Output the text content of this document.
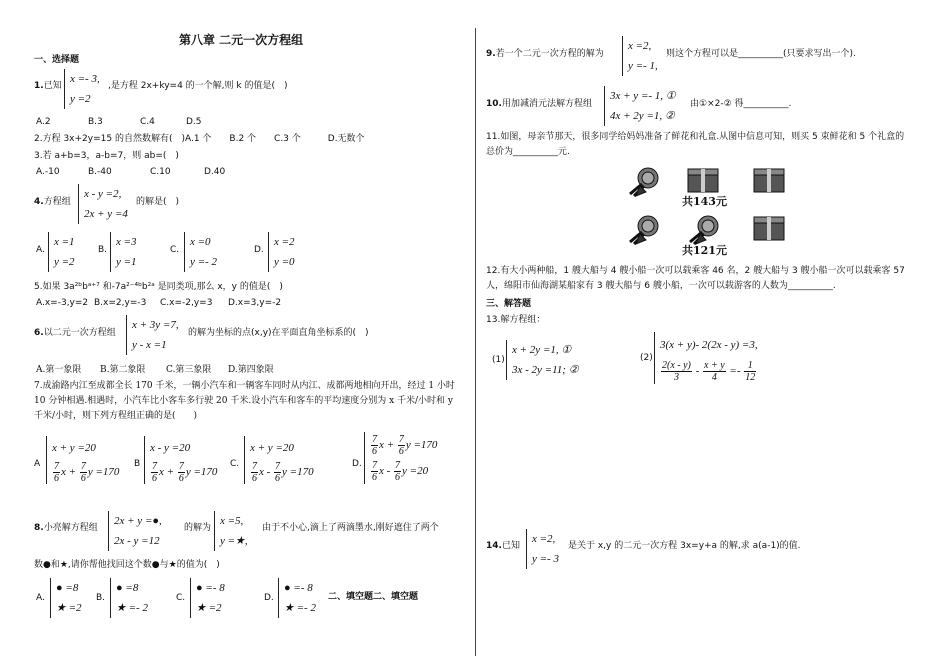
第八章 二元一次方程组
一、选择题
1.已知
x =- 3,
y =2
,是方程 2x+ky=4 的一个解,则 k 的值是(　)
A.2	B.3	C.4	D.5
2.方程 3x+2y=15 的自然数解有(　)A.1 个　　B.2 个　　C.3 个　　　D.无数个
3.若 a+b=3，a-b=7，则 ab=(　)
A.-10	B.-40	C.10	D.40
4.方程组
x - y =2,
2x + y =4
的解是(　)
A.
x =1
y =2
B.
x =3
y =1
C.
x =0
y =- 2
D.
x =2
y =0
5.如果 3a²ᵇbᵃ⁺⁷ 和-7a²⁻⁴ᵇb²ᵃ 是同类项,那么 x，y 的值是(　)
A.x=-3,y=2 B.x=2,y=-3 C.x=-2,y=3 D.x=3,y=-2
6.以二元一次方程组
x + 3y =7,
y - x =1
的解为坐标的点(x,y)在平面直角坐标系的(　)
A.第一象限 B.第二象限 C.第三象限 D.第四象限
7.成渝路内江至成都全长 170 千米，一辆小汽车和一辆客车同时从内江、成都两地相向开出，经过 1 小时 10 分钟相遇.相遇时，小汽车比小客车多行驶 20 千米.设小汽车和客车的平均速度分别为 x 千米/小时和 y 千米/小时，则下列方程组正确的是(　　)
A
x + y =20
$\frac{7}{6}$ $x + \frac{7}{6}$ y =170
B
x - y =20
$\frac{7}{6}$ $x + \frac{7}{6}$ y =170
C.
x + y =20
$\frac{7}{6}$ x - $\frac{7}{6}$ y =170
D.
$\frac{7}{6}$ $x + \frac{7}{6}$ y =170
$\frac{7}{6}$ x - $\frac{7}{6}$ y =20
8.小亮解方程组
2x + y =●,
2x - y =12
的解为
x =5,
y =★,
由于不小心,滴上了两滴墨水,刚好遮住了两个
数●和★,请你帮他找回这个数●与★的值为(　)
A.
● =8
★ =2
B.
● =8
★ =- 2
C.
● =- 8
★ =2
D.
● =- 8
★ =- 2
二、填空题二、填空题
9.若一个二元一次方程的解为
x =2,
y =- 1,
则这个方程可以是__________(只要求写出一个).
10.用加减消元法解方程组
3x + y =- 1, ①
4x + 2y =1, ②
由①×2-② 得__________.
11.如图，母亲节那天，很多同学给妈妈准备了鲜花和礼盒.从图中信息可知，则买 5 束鲜花和 5 个礼盒的总价为__________元.
共143元
共121元
12.有大小两种船，1 艘大船与 4 艘小船一次可以载乘客 46 名，2 艘大船与 3 艘小船一次可以载乘客 57 人，绵阳市仙海湖某船家有 3 艘大船与 6 艘小船，一次可以载游客的人数为__________.
三、解答题
13.解方程组：
(1)
x + 2y =1, ①
3x - 2y =11; ②
(2)
3(x + y)- 2(2x - y) =3,
$\frac{2(x - y)}{3} - \frac{x + y}{4} =- \frac{1}{12}$
14.已知
x =2,
y =- 3
是关于 x,y 的二元一次方程 3x=y+a 的解,求 a(a-1)的值.
